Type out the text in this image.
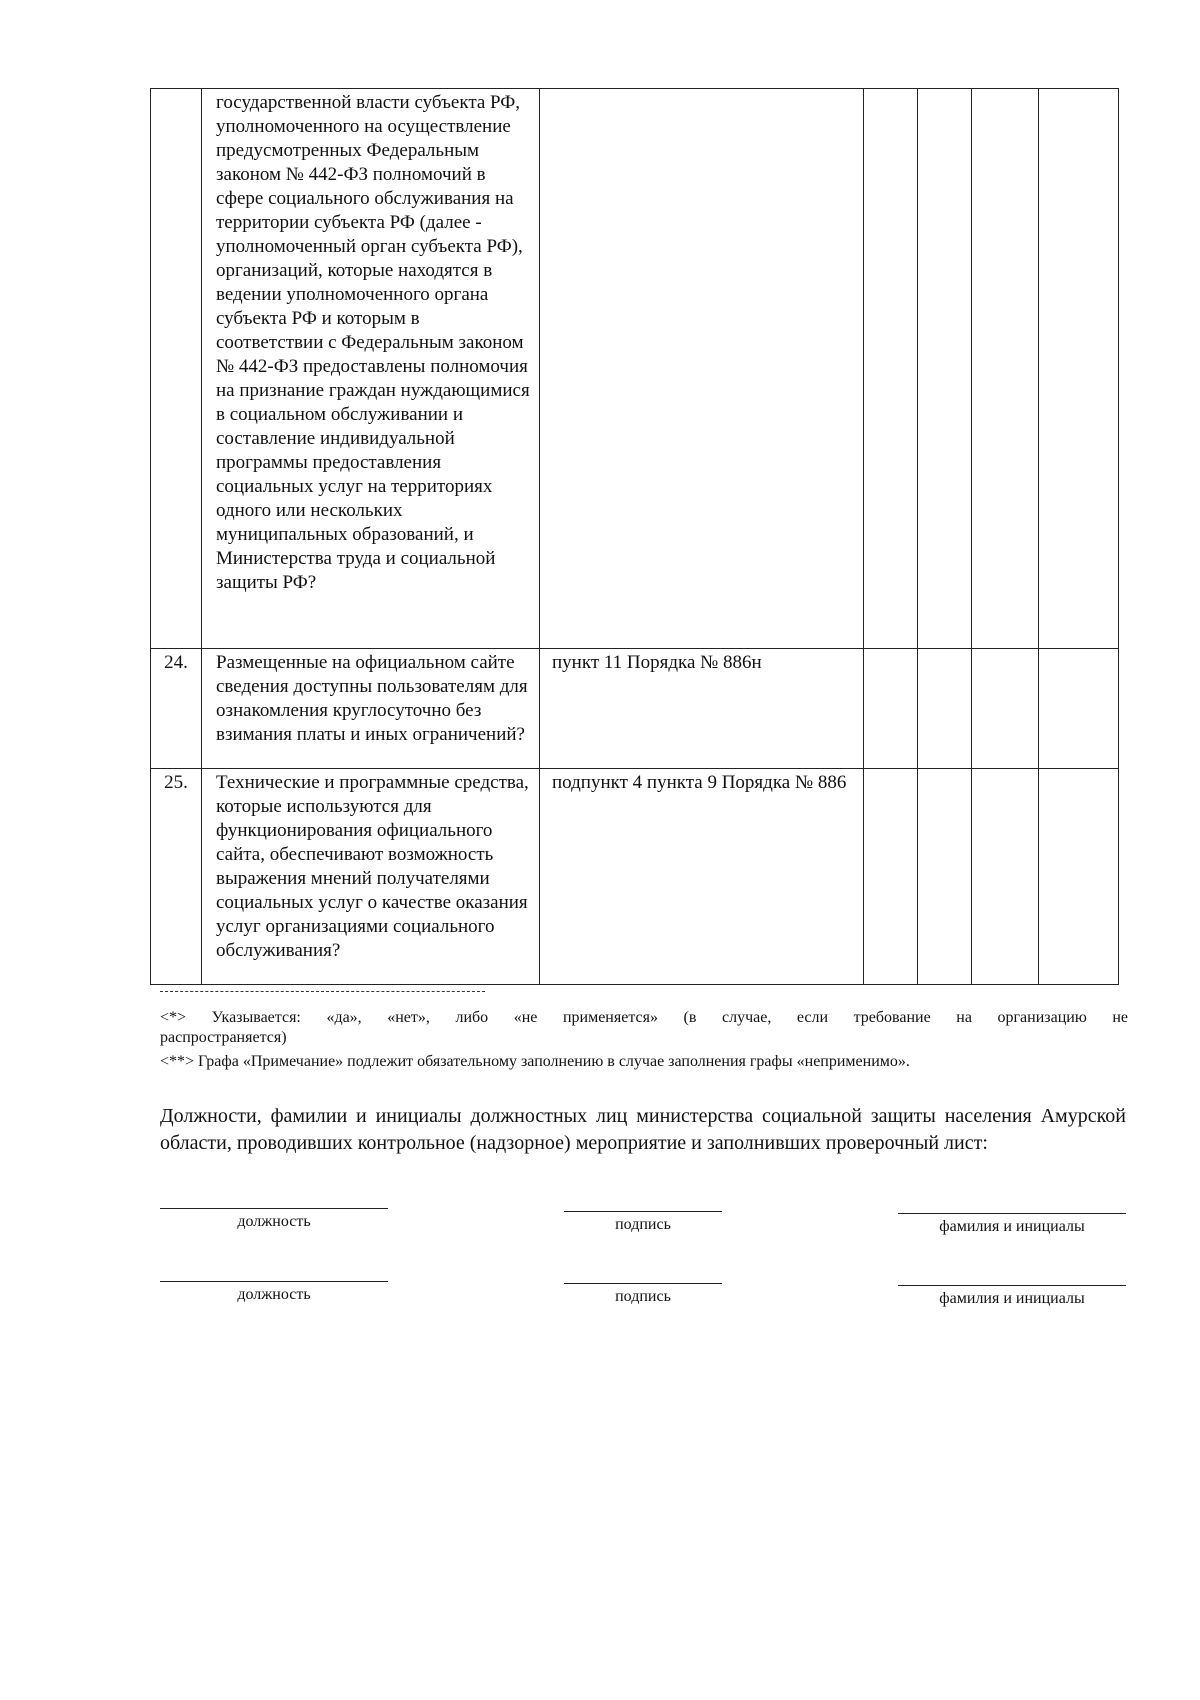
	государственной власти субъекта РФ, уполномоченного на осуществление предусмотренных Федеральным законом № 442-ФЗ полномочий в сфере социального обслуживания на территории субъекта РФ (далее - уполномоченный орган субъекта РФ), организаций, которые находятся в ведении уполномоченного органа субъекта РФ и которым в соответствии с Федеральным законом № 442-ФЗ предоставлены полномочия на признание граждан нуждающимися в социальном обслуживании и составление индивидуальной программы предоставления социальных услуг на территориях одного или нескольких муниципальных образований, и Министерства труда и социальной защиты РФ?					
24.	Размещенные на официальном сайте сведения доступны пользователям для ознакомления круглосуточно без взимания платы и иных ограничений?	пункт 11 Порядка № 886н				
25.	Технические и программные средства, которые используются для функционирования официального сайта, обеспечивают возможность выражения мнений получателями социальных услуг о качестве оказания услуг организациями социального обслуживания?	подпункт 4 пункта 9 Порядка № 886				
<*> Указывается: «да», «нет», либо «не применяется» (в случае, если требование на организацию не
распространяется)
<**> Графа «Примечание» подлежит обязательному заполнению в случае заполнения графы «неприменимо».
Должности, фамилии и инициалы должностных лиц министерства социальной защиты населения Амурской области, проводивших контрольное (надзорное) мероприятие и заполнивших проверочный лист:
должность	подпись	фамилия и инициалы
должность	подпись	фамилия и инициалы
